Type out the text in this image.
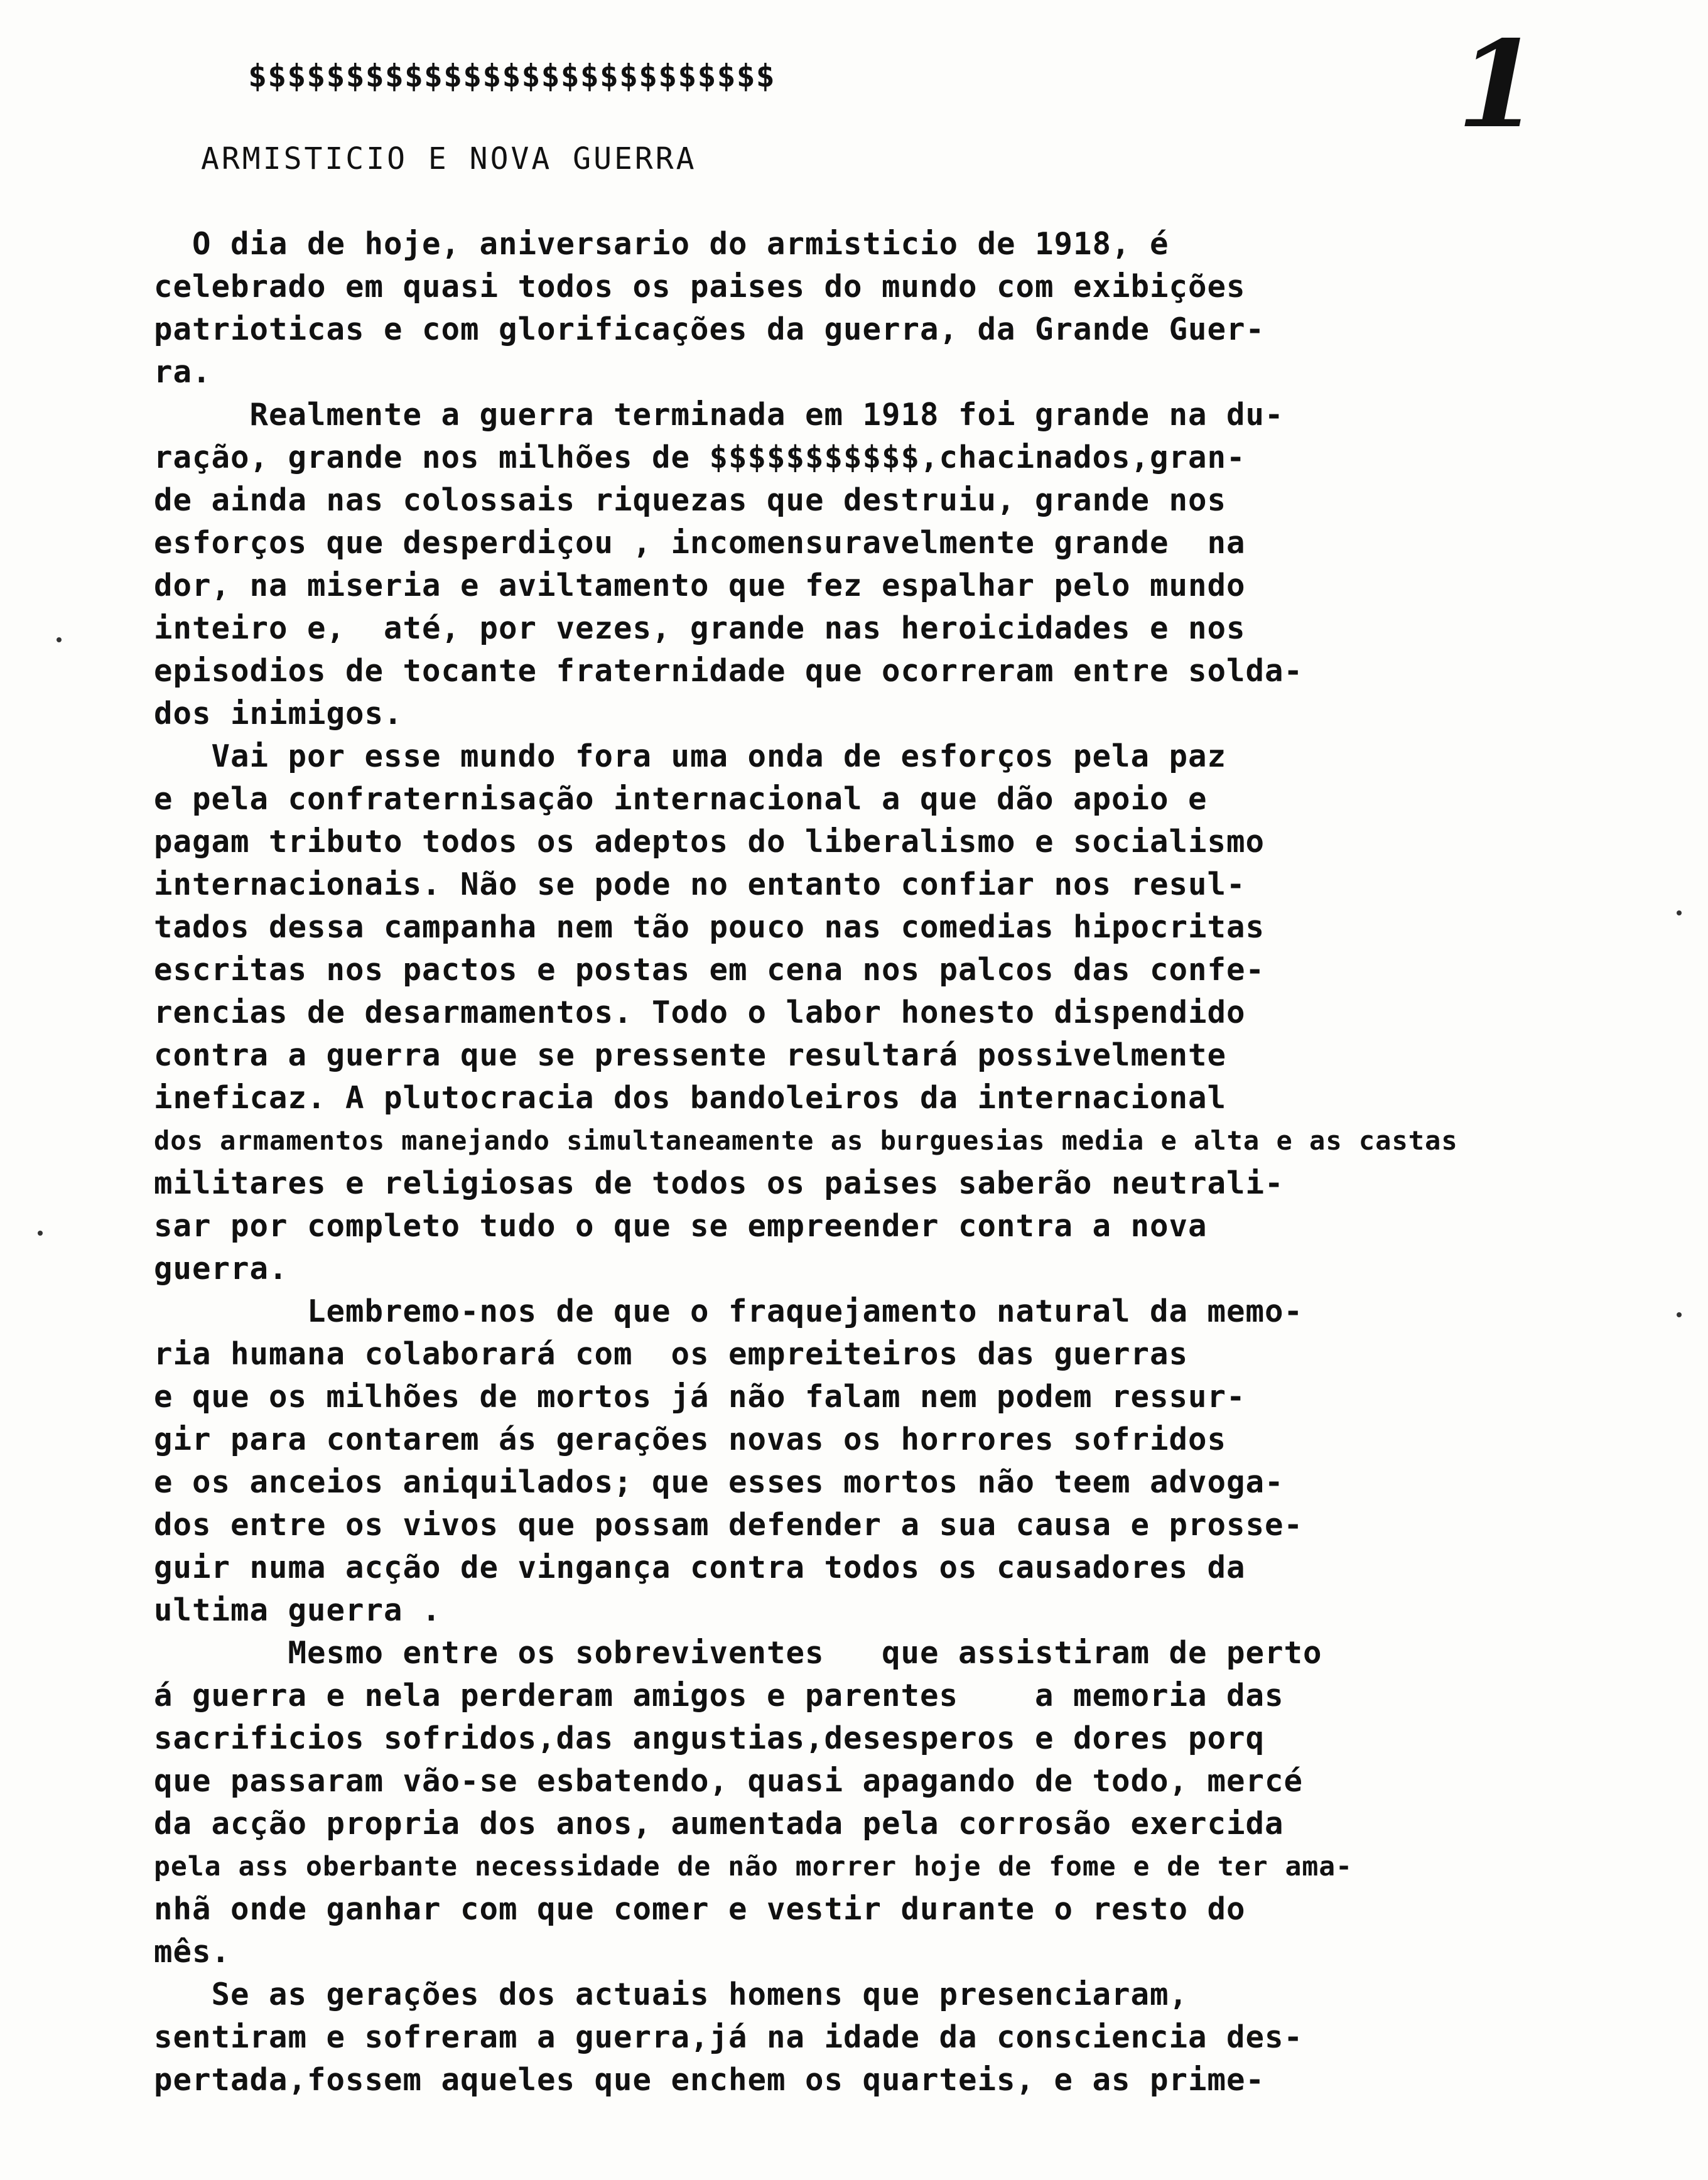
$$$$$$$$$$$$$$$$$$$$$$$$$$$	1
ARMISTICIO E NOVA GUERRA
O dia de hoje, aniversario do armisticio de 1918, é
celebrado em quasi todos os paises do mundo com exibições
patrioticas e com glorificações da guerra, da Grande Guer-
ra.
Realmente a guerra terminada em 1918 foi grande na du-
ração, grande nos milhões de $$$$$$$$$$$,chacinados,gran-
de ainda nas colossais riquezas que destruiu, grande nos
esforços que desperdiçou , incomensuravelmente grande  na
dor, na miseria e aviltamento que fez espalhar pelo mundo
inteiro e,  até, por vezes, grande nas heroicidades e nos
episodios de tocante fraternidade que ocorreram entre solda-
dos inimigos.
Vai por esse mundo fora uma onda de esforços pela paz
e pela confraternisação internacional a que dão apoio e
pagam tributo todos os adeptos do liberalismo e socialismo
internacionais. Não se pode no entanto confiar nos resul-
tados dessa campanha nem tão pouco nas comedias hipocritas
escritas nos pactos e postas em cena nos palcos das confe-
rencias de desarmamentos. Todo o labor honesto dispendido
contra a guerra que se pressente resultará possivelmente
ineficaz. A plutocracia dos bandoleiros da internacional
dos armamentos manejando simultaneamente as burguesias media e alta e as castas
militares e religiosas de todos os paises saberão neutrali-
sar por completo tudo o que se empreender contra a nova
guerra.
Lembremo-nos de que o fraquejamento natural da memo-
ria humana colaborará com  os empreiteiros das guerras
e que os milhões de mortos já não falam nem podem ressur-
gir para contarem ás gerações novas os horrores sofridos
e os anceios aniquilados; que esses mortos não teem advoga-
dos entre os vivos que possam defender a sua causa e prosse-
guir numa acção de vingança contra todos os causadores da
ultima guerra .
Mesmo entre os sobreviventes   que assistiram de perto
á guerra e nela perderam amigos e parentes    a memoria das
sacrificios sofridos,das angustias,desesperos e dores porq
que passaram vão-se esbatendo, quasi apagando de todo, mercé
da acção propria dos anos, aumentada pela corrosão exercida
pela ass oberbante necessidade de não morrer hoje de fome e de ter ama-
nhã onde ganhar com que comer e vestir durante o resto do
mês.
Se as gerações dos actuais homens que presenciaram,
sentiram e sofreram a guerra,já na idade da consciencia des-
pertada,fossem aqueles que enchem os quarteis, e as prime-
